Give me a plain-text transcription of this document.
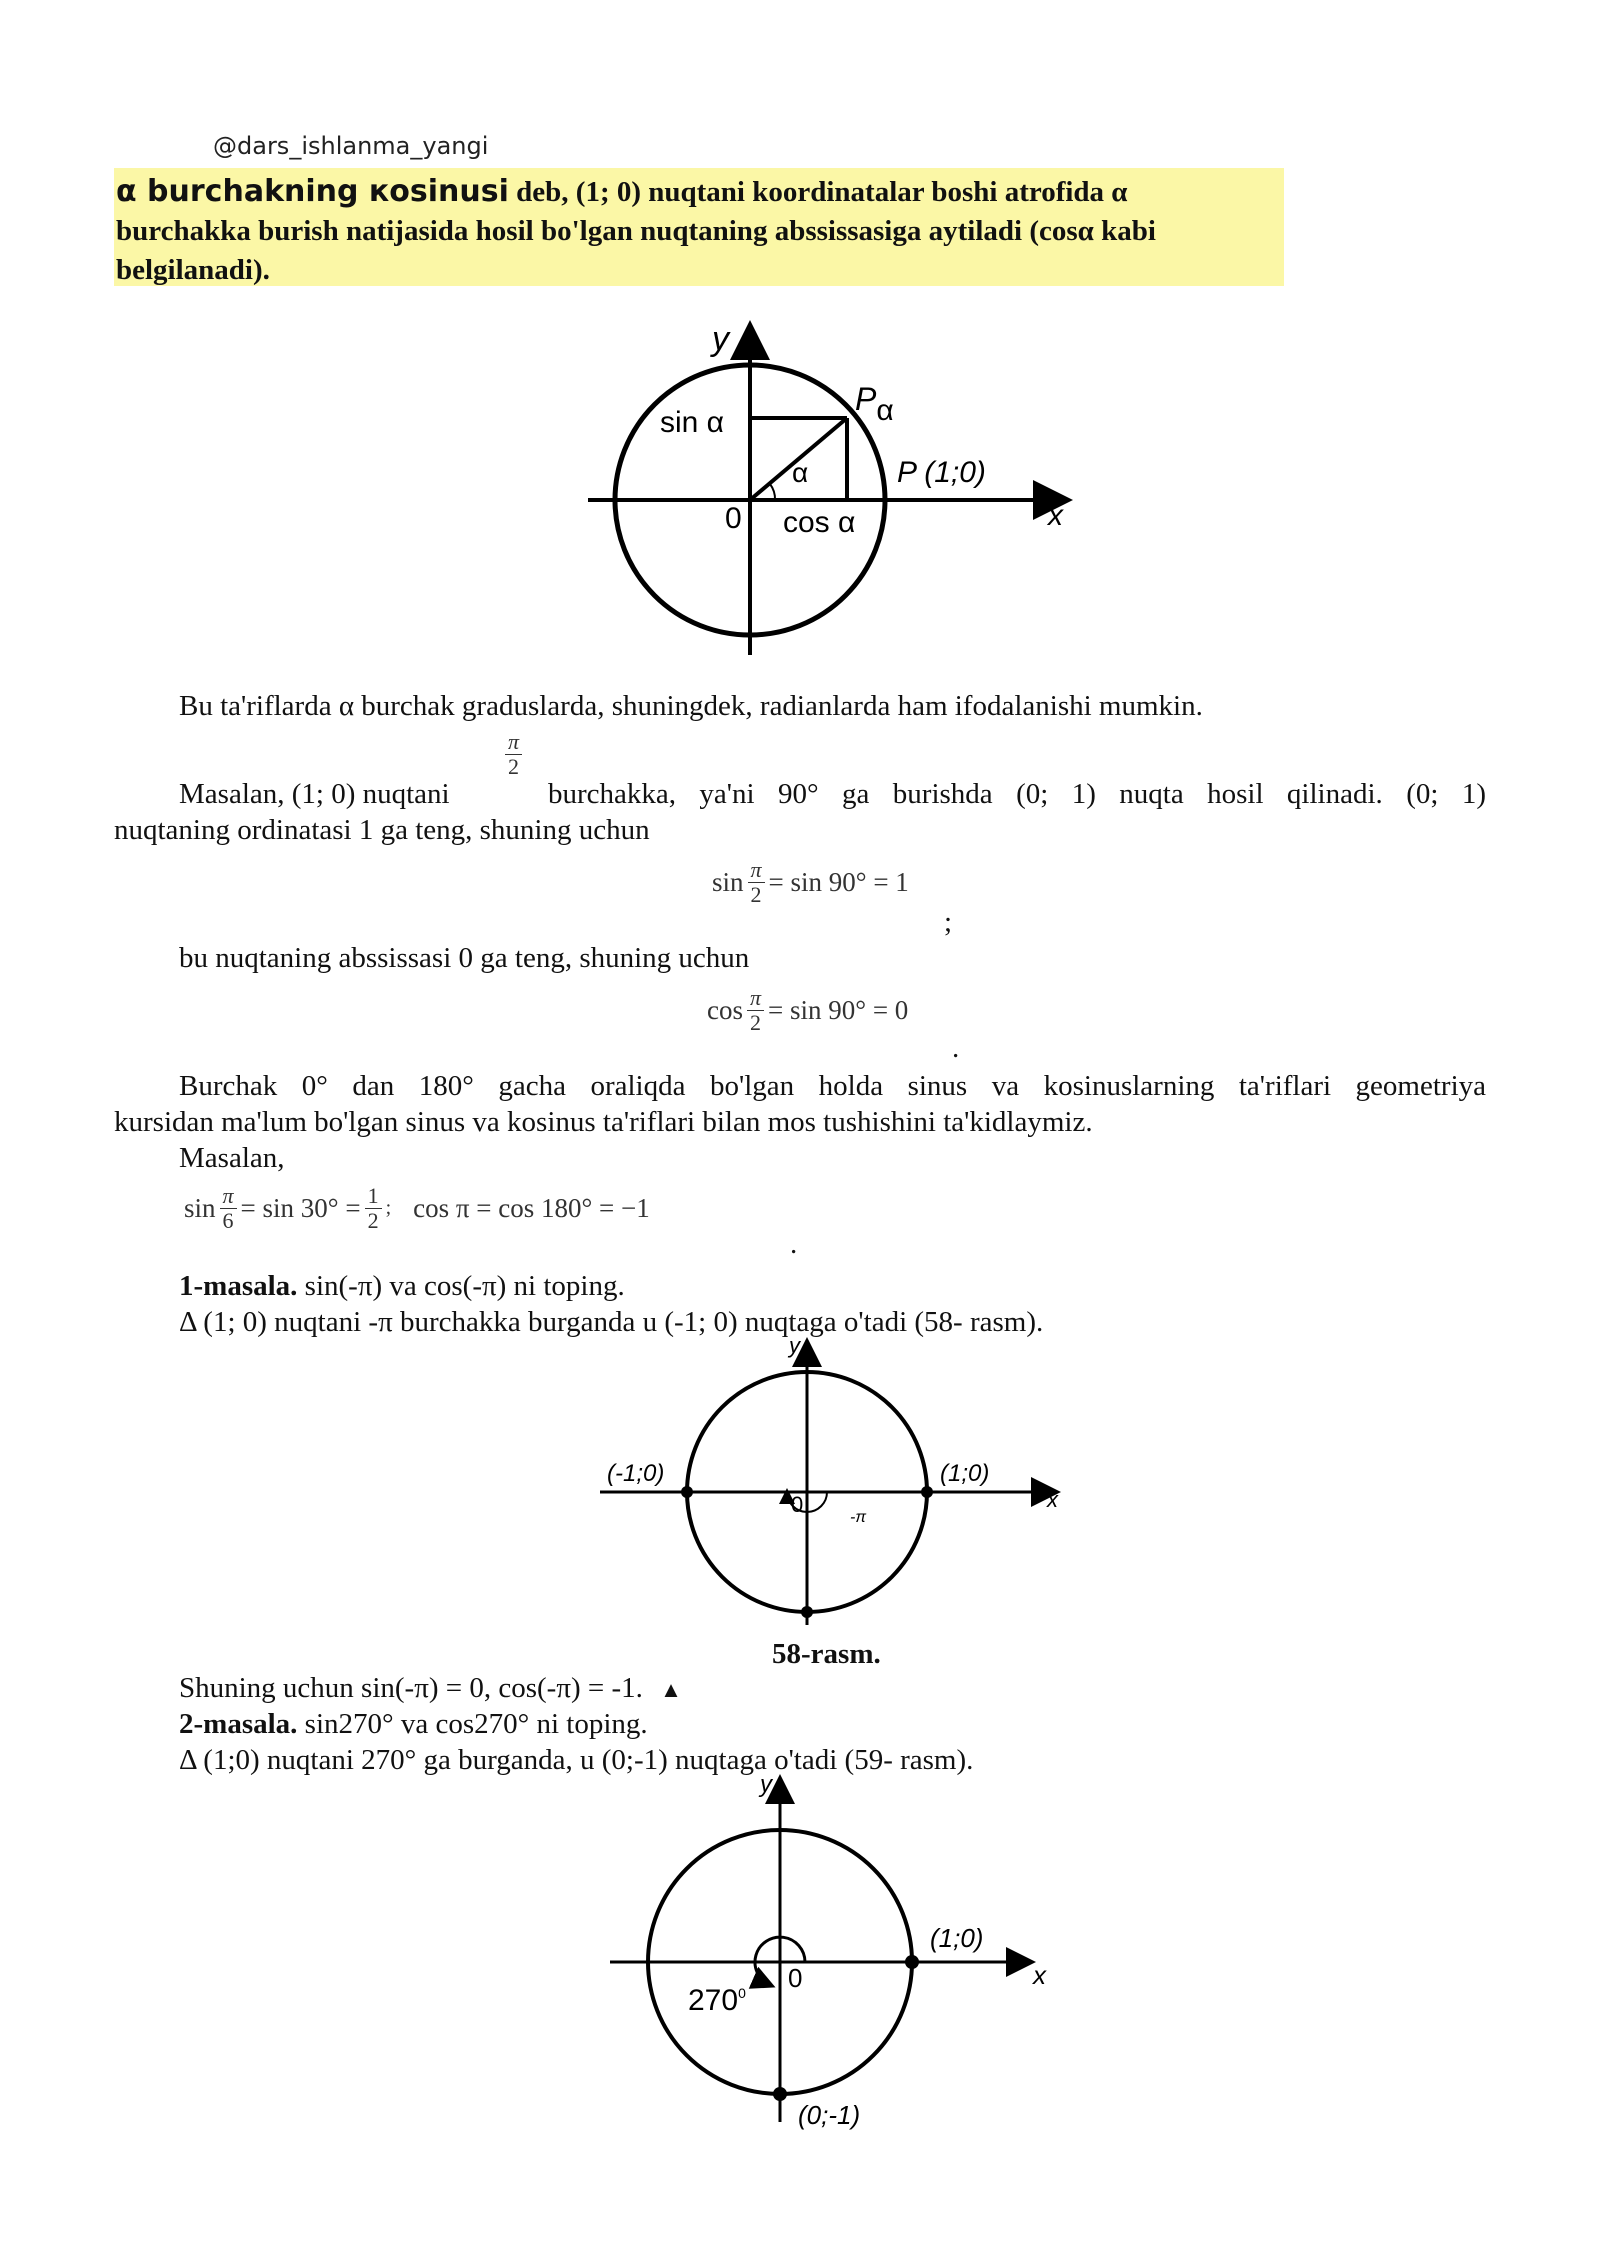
@dars_ishlanma_yangi
α burchakning кosinusi deb, (1; 0) nuqtani koordinatalar boshi atrofida α
burchakka burish natijasida hosil bo'lgan nuqtaning abssissasiga aytiladi (cosα kabi
belgilanadi).
y
x
sin α
cos α
α
0
Pα
P (1;0)

Bu ta'riflarda α burchak graduslarda, shuningdek, radianlarda ham ifodalanishi mumkin.

$\frac{\pi}{2}$

Masalan, (1; 0) nuqtani	burchakka, ya'ni 90° ga burishda (0; 1) nuqta hosil qilinadi. (0; 1)

nuqtaning ordinatasi 1 ga teng, shuning uchun

$\sin \frac{\pi}{2} = \sin 90^\circ = 1$
;

bu nuqtaning abssissasi 0 ga teng, shuning uchun

$\cos \frac{\pi}{2} = \sin 90^\circ = 0$
.

Burchak 0° dan 180° gacha oraliqda bo'lgan holda sinus va kosinuslarning ta'riflari geometriya

kursidan ma'lum bo'lgan sinus va kosinus ta'riflari bilan mos tushishini ta'kidlaymiz.

Masalan,

$\sin \frac{\pi}{6} = \sin 30^\circ = \frac{1}{2}$ ; cos π = cos 180° = −1
.

1-masala. sin(-π) va cos(-π) ni toping.

Δ (1; 0) nuqtani -π burchakka burganda u (-1; 0) nuqtaga o'tadi (58- rasm).

y
x
(-1;0)	(1;0)
0
-π
58-rasm.

Shuning uchun sin(-π) = 0, cos(-π) = -1. ▲

2-masala. sin270° va cos270° ni toping.

Δ (1;0) nuqtani 270° ga burganda, u (0;-1) nuqtaga o'tadi (59- rasm).

y
x
(1;0)
(0;-1)
0
$270^0$
